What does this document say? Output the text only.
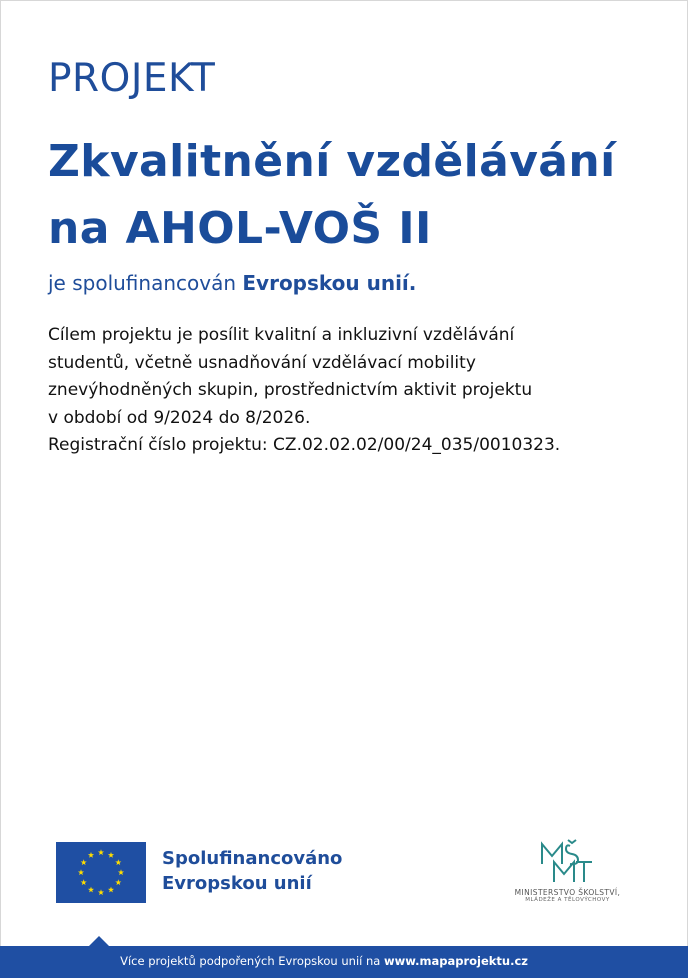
PROJEKT
Zkvalitnění vzdělávání
na AHOL-VOŠ II
je spolufinancován Evropskou unií.
Cílem projektu je posílit kvalitní a inkluzivní vzdělávání
studentů, včetně usnadňování vzdělávací mobility
znevýhodněných skupin, prostřednictvím aktivit projektu
v období od 9/2024 do 8/2026.
Registrační číslo projektu: CZ.02.02.02/00/24_035/0010323.
Spolufinancováno
Evropskou unií	MINISTERSTVO ŠKOLSTVÍ,
MLÁDEŽE A TĚLOVÝCHOVY
Více projektů podpořených Evropskou unií na www.mapaprojektu.cz
